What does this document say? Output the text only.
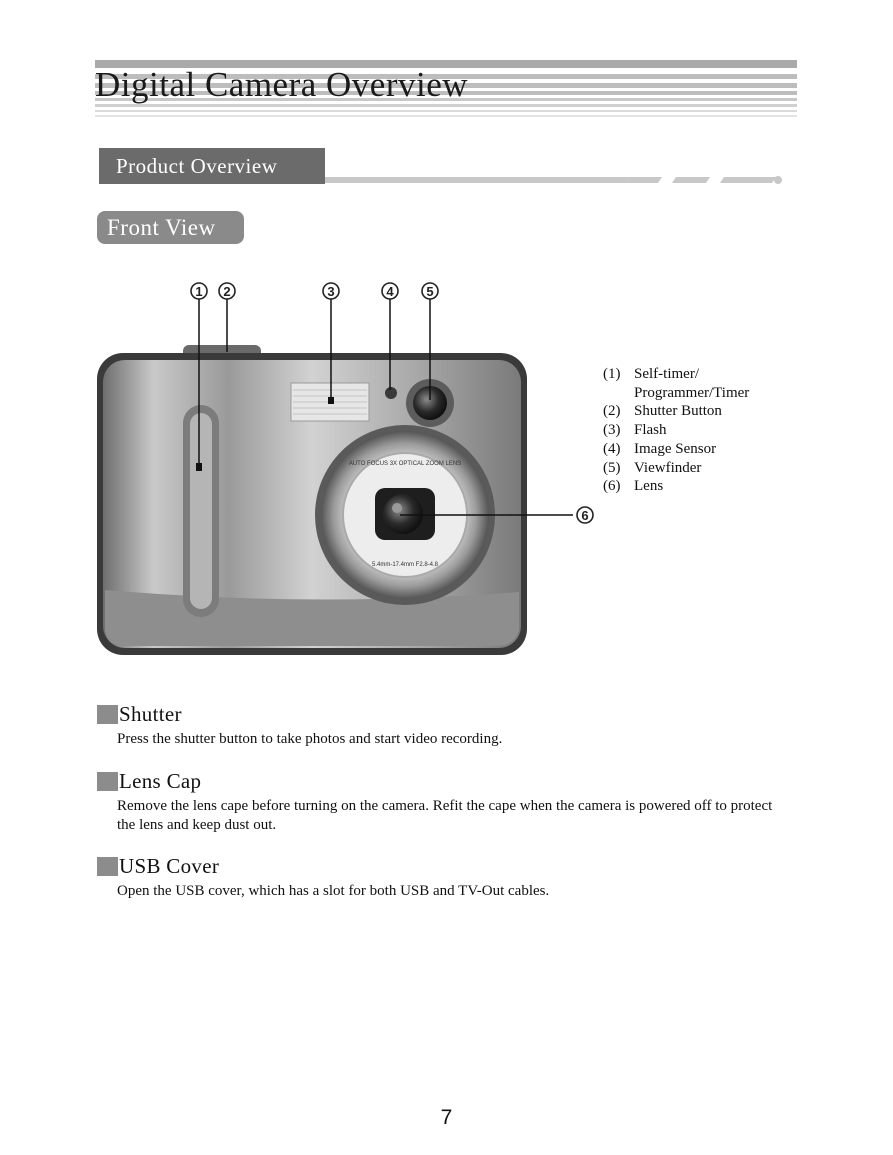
Digital Camera Overview
Product Overview
Front View
1 2	3	4	5
6
AUTO FOCUS 3X OPTICAL ZOOM LENS
5.4mm-17.4mm F2.8-4.8
(1) Self-timer/
Programmer/Timer
(2) Shutter Button
(3) Flash
(4) Image Sensor
(5) Viewfinder
(6) Lens
Shutter
Press the shutter button to take photos and start video recording.
Lens Cap
Remove the lens cape before turning on the camera. Refit the cape when the camera is powered off to protect the lens and keep dust out.
USB Cover
Open the USB cover, which has a slot for both USB and TV-Out cables.
7
